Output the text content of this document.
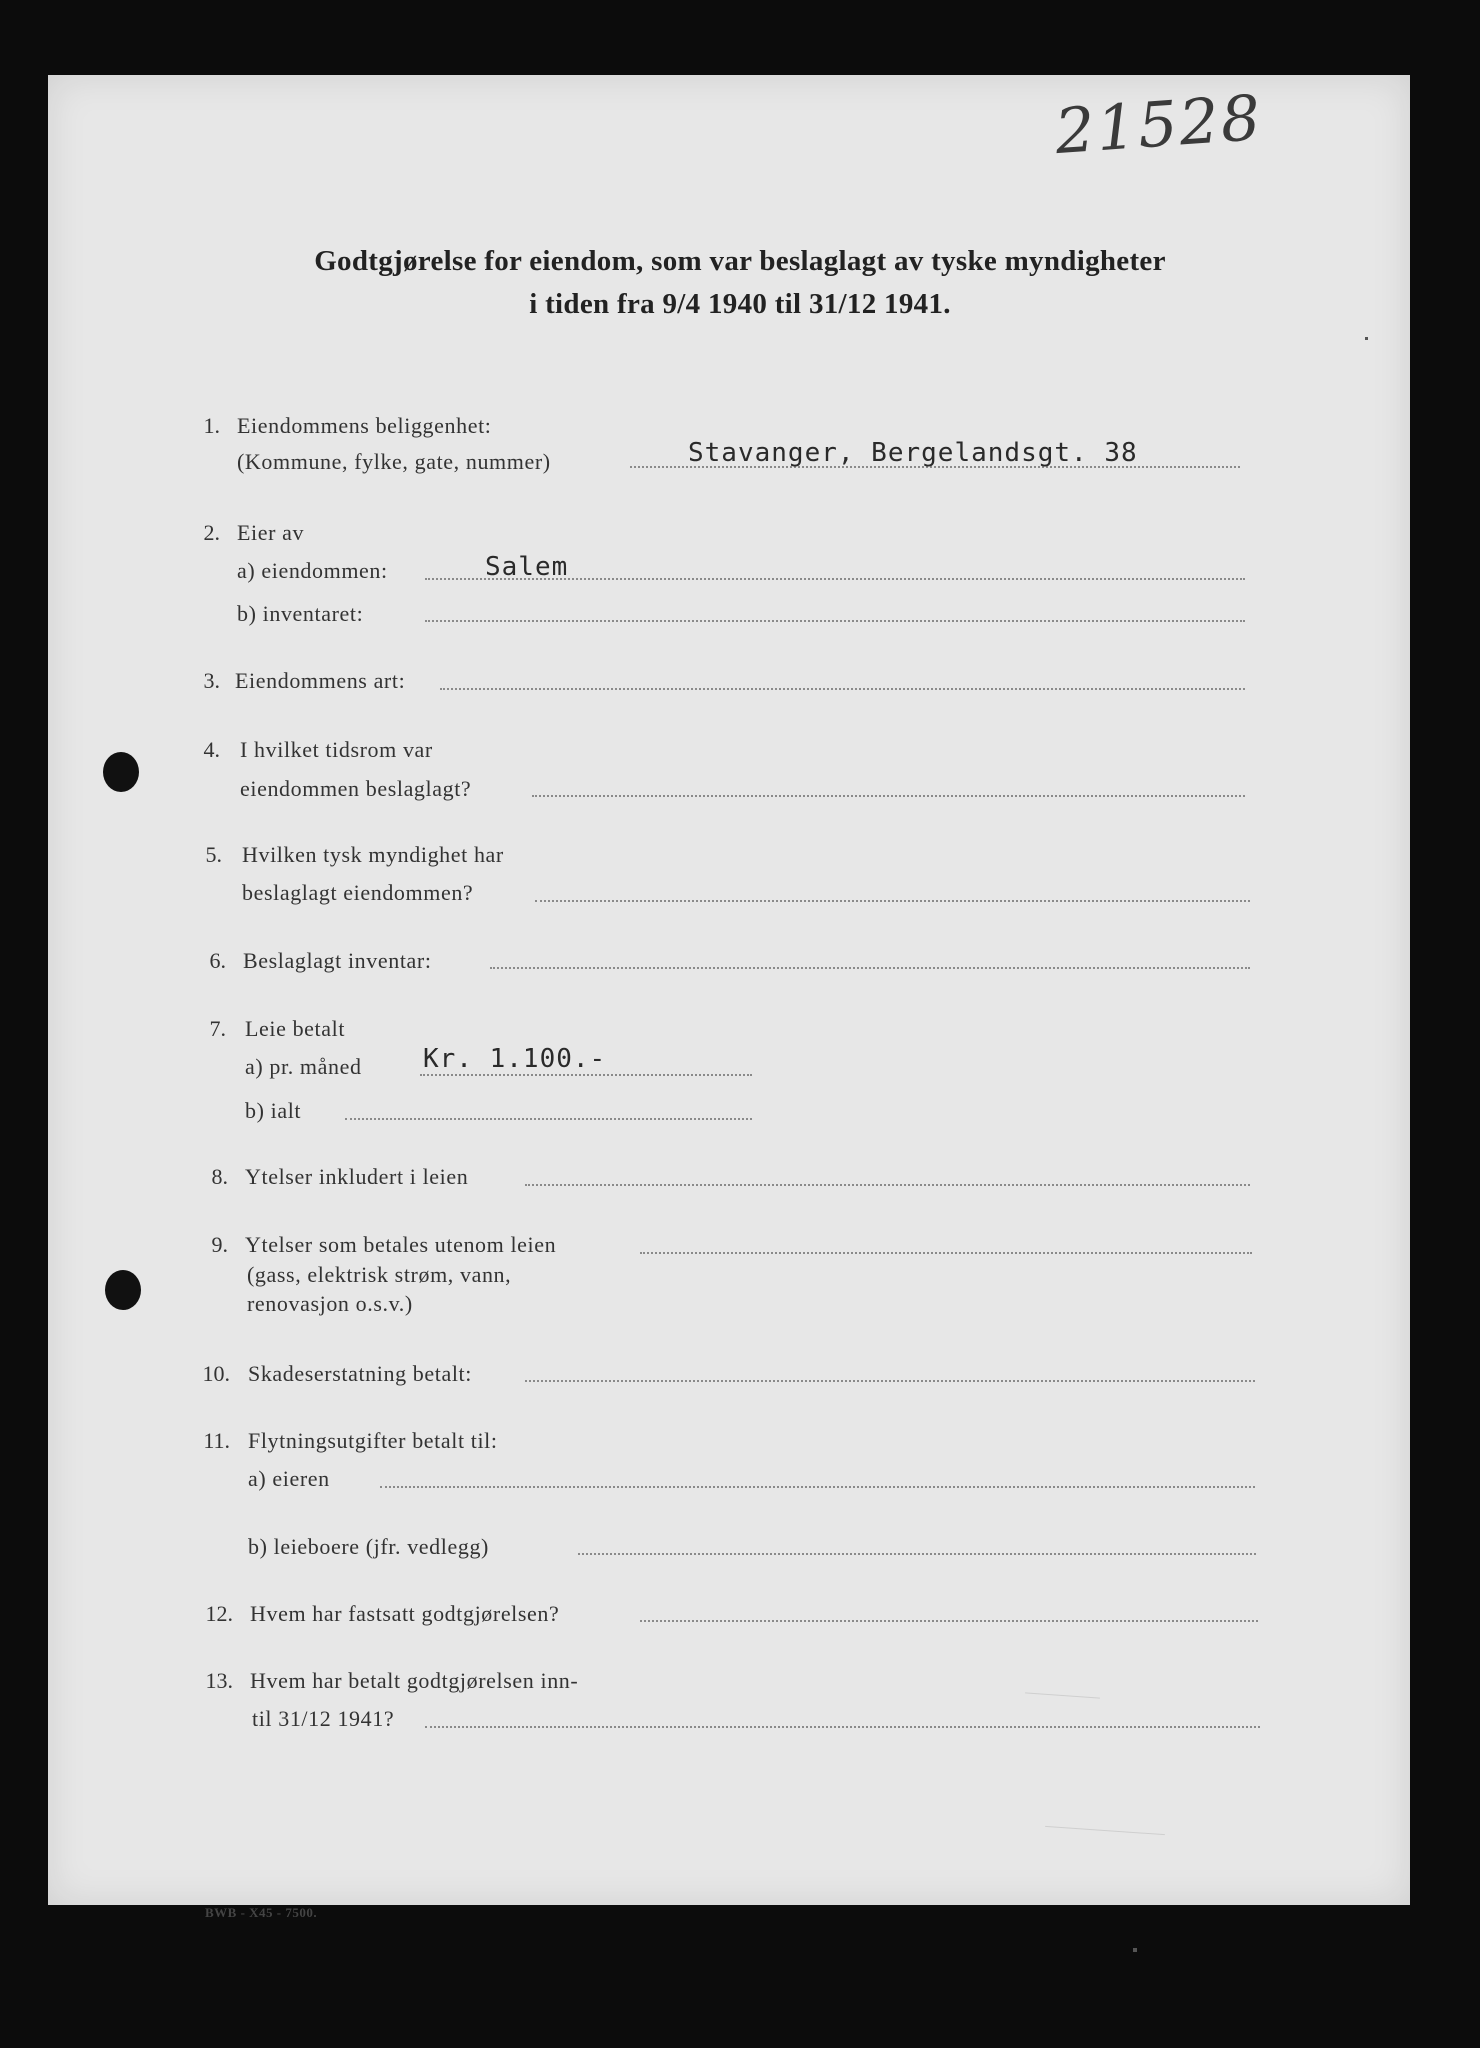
21528
Godtgjørelse for eiendom, som var beslaglagt av tyske myndigheter
i tiden fra 9/4 1940 til 31/12 1941.
1. Eiendommens beliggenhet:
(Kommune, fylke, gate, nummer)	Stavanger, Bergelandsgt. 38
2. Eier av
a) eiendommen:	Salem
b) inventaret:
3. Eiendommens art:
4. I hvilket tidsrom var
eiendommen beslaglagt?
5. Hvilken tysk myndighet har
beslaglagt eiendommen?
6. Beslaglagt inventar:
7. Leie betalt
a) pr. måned Kr. 1.100.-
b) ialt
8. Ytelser inkludert i leien
9. Ytelser som betales utenom leien
(gass, elektrisk strøm, vann,
renovasjon o.s.v.)
10. Skadeserstatning betalt:
11. Flytningsutgifter betalt til:
a) eieren
b) leieboere (jfr. vedlegg)
12. Hvem har fastsatt godtgjørelsen?
13. Hvem har betalt godtgjørelsen inn-
til 31/12 1941?
BWB - X45 - 7500.
